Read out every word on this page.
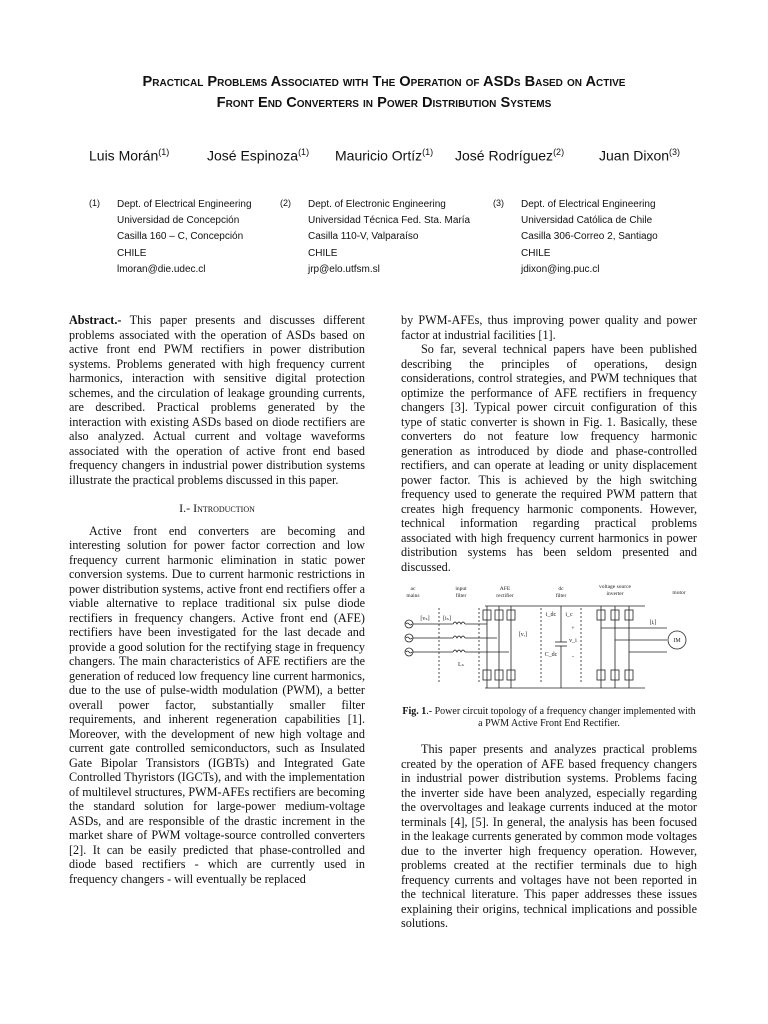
Practical Problems Associated with The Operation of ASDs Based on Active
Front End Converters in Power Distribution Systems
Luis Morán$^{(1)}$	José Espinoza$^{(1)}$ Mauricio Ortíz$^{(1)}$ José Rodríguez$^{(2)}$ Juan Dixon$^{(3)}$
(1) Dept. of Electrical Engineering
Universidad de Concepción
Casilla 160 – C, Concepción
CHILE
lmoran@die.udec.cl
(2) Dept. of Electronic Engineering
Universidad Técnica Fed. Sta. María
Casilla 110-V, Valparaíso
CHILE
jrp@elo.utfsm.sl
(3) Dept. of Electrical Engineering
Universidad Católica de Chile
Casilla 306-Correo 2, Santiago
CHILE
jdixon@ing.puc.cl

Abstract.- This paper presents and discusses different problems associated with the operation of ASDs based on active front end PWM rectifiers in power distribution systems. Problems generated with high frequency current harmonics, interaction with sensitive digital protection schemes, and the circulation of leakage grounding currents, are described. Practical problems generated by the interaction with existing ASDs based on diode rectifiers are also analyzed. Actual current and voltage waveforms associated with the operation of active front end based frequency changers in industrial power distribution systems illustrate the practical problems discussed in this paper.

I.- Introduction

Active front end converters are becoming and interesting solution for power factor correction and low frequency current harmonic elimination in static power conversion systems. Due to current harmonic restrictions in power distribution systems, active front end rectifiers offer a viable alternative to replace traditional six pulse diode rectifiers in frequency changers. Active front end (AFE) rectifiers have been investigated for the last decade and provide a good solution for the rectifying stage in frequency changers. The main characteristics of AFE rectifiers are the generation of reduced low frequency line current harmonics, due to the use of pulse-width modulation (PWM), a better overall power factor, substantially smaller filter requirements, and inherent regeneration capabilities [1]. Moreover, with the development of new high voltage and current gate controlled semiconductors, such as Insulated Gate Bipolar Transistors (IGBTs) and Integrated Gate Controlled Thyristors (IGCTs), and with the implementation of multilevel structures, PWM-AFEs rectifiers are becoming the standard solution for large-power medium-voltage ASDs, and are responsible of the drastic increment in the market share of PWM voltage-source controlled converters [2]. It can be easily predicted that phase-controlled and diode based rectifiers - which are currently used in frequency changers - will eventually be replaced

by PWM-AFEs, thus improving power quality and power factor at industrial facilities [1].

So far, several technical papers have been published describing the principles of operations, design considerations, control strategies, and PWM techniques that optimize the performance of AFE rectifiers in frequency changers [3]. Typical power circuit configuration of this type of static converter is shown in Fig. 1. Basically, these converters do not feature low frequency harmonic generation as introduced by diode and phase-controlled rectifiers, and can operate at leading or unity displacement power factor. This is achieved by the high switching frequency used to generate the required PWM pattern that creates high frequency harmonic components. However, technical information regarding practical problems associated with high frequency current harmonics in power distribution systems has been seldom presented and discussed.

ac
mains
input
filter
AFE
rectifier
dc
filter
voltage source
inverter	motor
[vₛ] [iₛ]
[vᵣ]
Lₛ
i_dc i_c
C_dc
v_i
+
-
[iᵢ]
IM
Fig. 1.- Power circuit topology of a frequency changer implemented with a PWM Active Front End Rectifier.

This paper presents and analyzes practical problems created by the operation of AFE based frequency changers in industrial power distribution systems. Problems facing the inverter side have been analyzed, especially regarding the overvoltages and leakage currents induced at the motor terminals [4], [5]. In general, the analysis has been focused in the leakage currents generated by common mode voltages due to the inverter high frequency operation. However, problems created at the rectifier terminals due to high frequency currents and voltages have not been reported in the technical literature. This paper addresses these issues explaining their origins, technical implications and possible solutions.
